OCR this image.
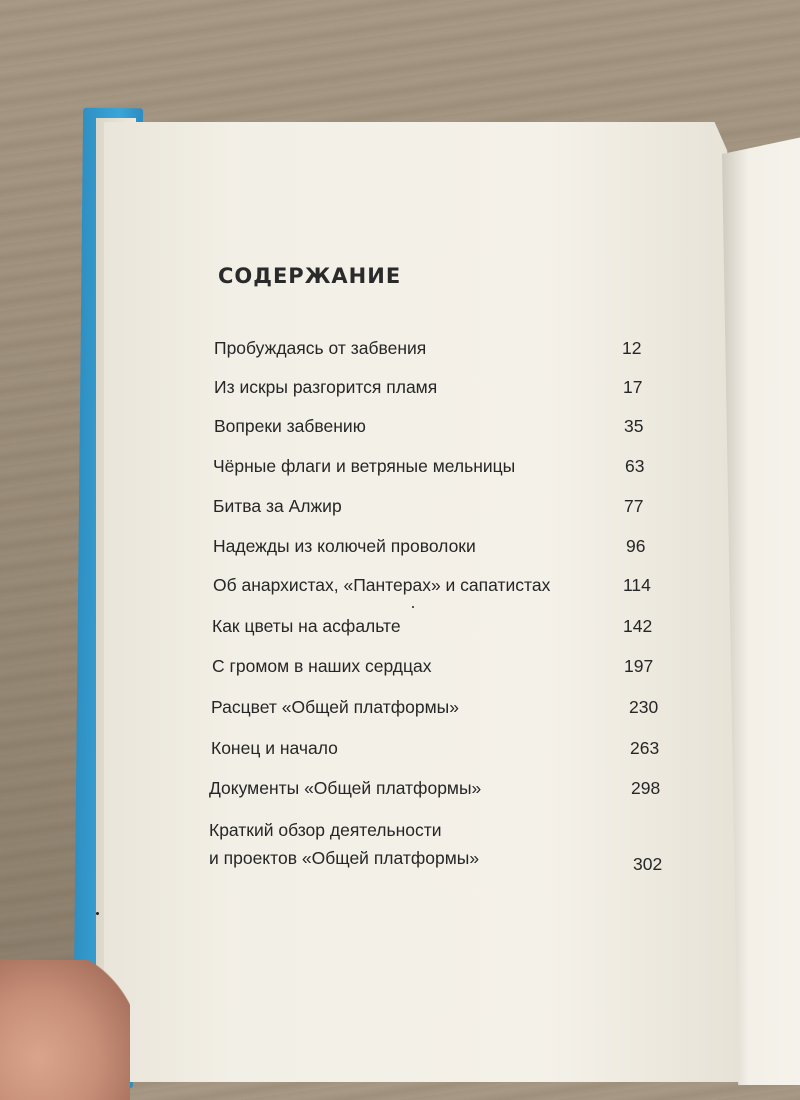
СОДЕРЖАНИЕ
Пробуждаясь от забвения	12
Из искры разгорится пламя	17
Вопреки забвению	35
Чёрные флаги и ветряные мельницы	63
Битва за Алжир	77
Надежды из колючей проволоки	96
Об анархистах, «Пантерах» и сапатистах	114
Как цветы на асфальте	142
С громом в наших сердцах	197
Расцвет «Общей платформы»	230
Конец и начало	263
Документы «Общей платформы»	298
Краткий обзор деятельности
и проектов «Общей платформы»	302
